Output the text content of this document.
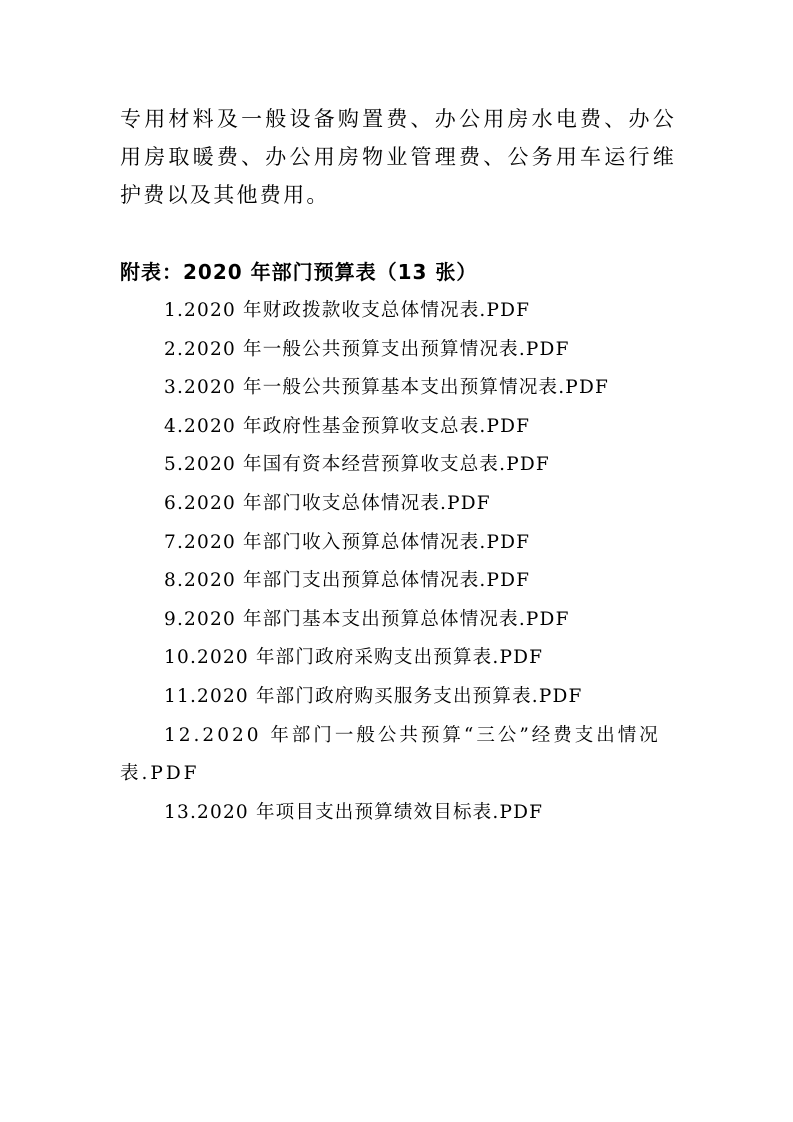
专用材料及一般设备购置费、办公用房水电费、办公用房取暖费、办公用房物业管理费、公务用车运行维护费以及其他费用。

附表：2020 年部门预算表（13 张）

1.2020 年财政拨款收支总体情况表.PDF
2.2020 年一般公共预算支出预算情况表.PDF
3.2020 年一般公共预算基本支出预算情况表.PDF
4.2020 年政府性基金预算收支总表.PDF
5.2020 年国有资本经营预算收支总表.PDF
6.2020 年部门收支总体情况表.PDF
7.2020 年部门收入预算总体情况表.PDF
8.2020 年部门支出预算总体情况表.PDF
9.2020 年部门基本支出预算总体情况表.PDF
10.2020 年部门政府采购支出预算表.PDF
11.2020 年部门政府购买服务支出预算表.PDF
12.2020 年部门一般公共预算“三公”经费支出情况表.PDF
13.2020 年项目支出预算绩效目标表.PDF
